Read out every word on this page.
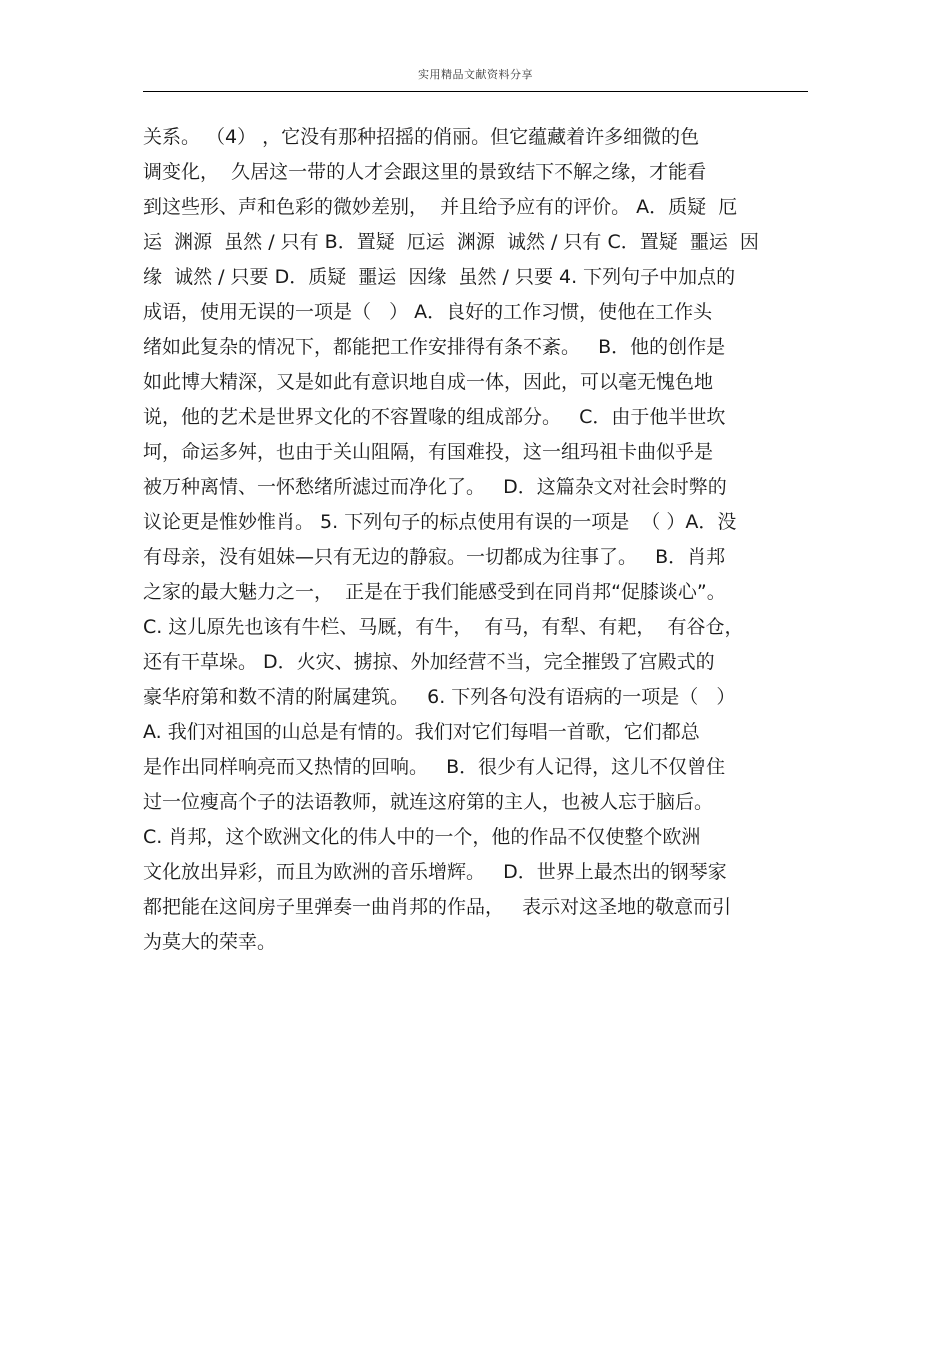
实用精品文献资料分享
关系。 （4） ，它没有那种招摇的俏丽。但它蕴藏着许多细微的色
调变化，  久居这一带的人才会跟这里的景致结下不解之缘，才能看
到这些形、声和色彩的微妙差别，  并且给予应有的评价。 A．质疑  厄
运  渊源  虽然 / 只有 B．置疑  厄运  渊源  诚然 / 只有 C．置疑  噩运  因
缘  诚然 / 只要 D．质疑  噩运  因缘  虽然 / 只要 4. 下列句子中加点的
成语，使用无误的一项是（   ） A．良好的工作习惯，使他在工作头
绪如此复杂的情况下，都能把工作安排得有条不紊。   B．他的创作是
如此博大精深，又是如此有意识地自成一体，因此，可以毫无愧色地
说，他的艺术是世界文化的不容置喙的组成部分。   C．由于他半世坎
坷，命运多舛，也由于关山阻隔，有国难投，这一组玛祖卡曲似乎是
被万种离情、一怀愁绪所滤过而净化了。   D．这篇杂文对社会时弊的
议论更是惟妙惟肖。 5. 下列句子的标点使用有误的一项是  （ ）A．没
有母亲，没有姐妹—只有无边的静寂。一切都成为往事了。   B．肖邦
之家的最大魅力之一，  正是在于我们能感受到在同肖邦“促膝谈心”。
C. 这儿原先也该有牛栏、马厩，有牛，  有马，有犁、有耙，  有谷仓，
还有干草垛。 D．火灾、掳掠、外加经营不当，完全摧毁了宫殿式的
豪华府第和数不清的附属建筑。   6. 下列各句没有语病的一项是（   ）
A. 我们对祖国的山总是有情的。我们对它们每唱一首歌，它们都总
是作出同样响亮而又热情的回响。   B．很少有人记得，这儿不仅曾住
过一位瘦高个子的法语教师，就连这府第的主人，也被人忘于脑后。
C. 肖邦，这个欧洲文化的伟人中的一个，他的作品不仅使整个欧洲
文化放出异彩，而且为欧洲的音乐增辉。   D．世界上最杰出的钢琴家
都把能在这间房子里弹奏一曲肖邦的作品，   表示对这圣地的敬意而引
为莫大的荣幸。
